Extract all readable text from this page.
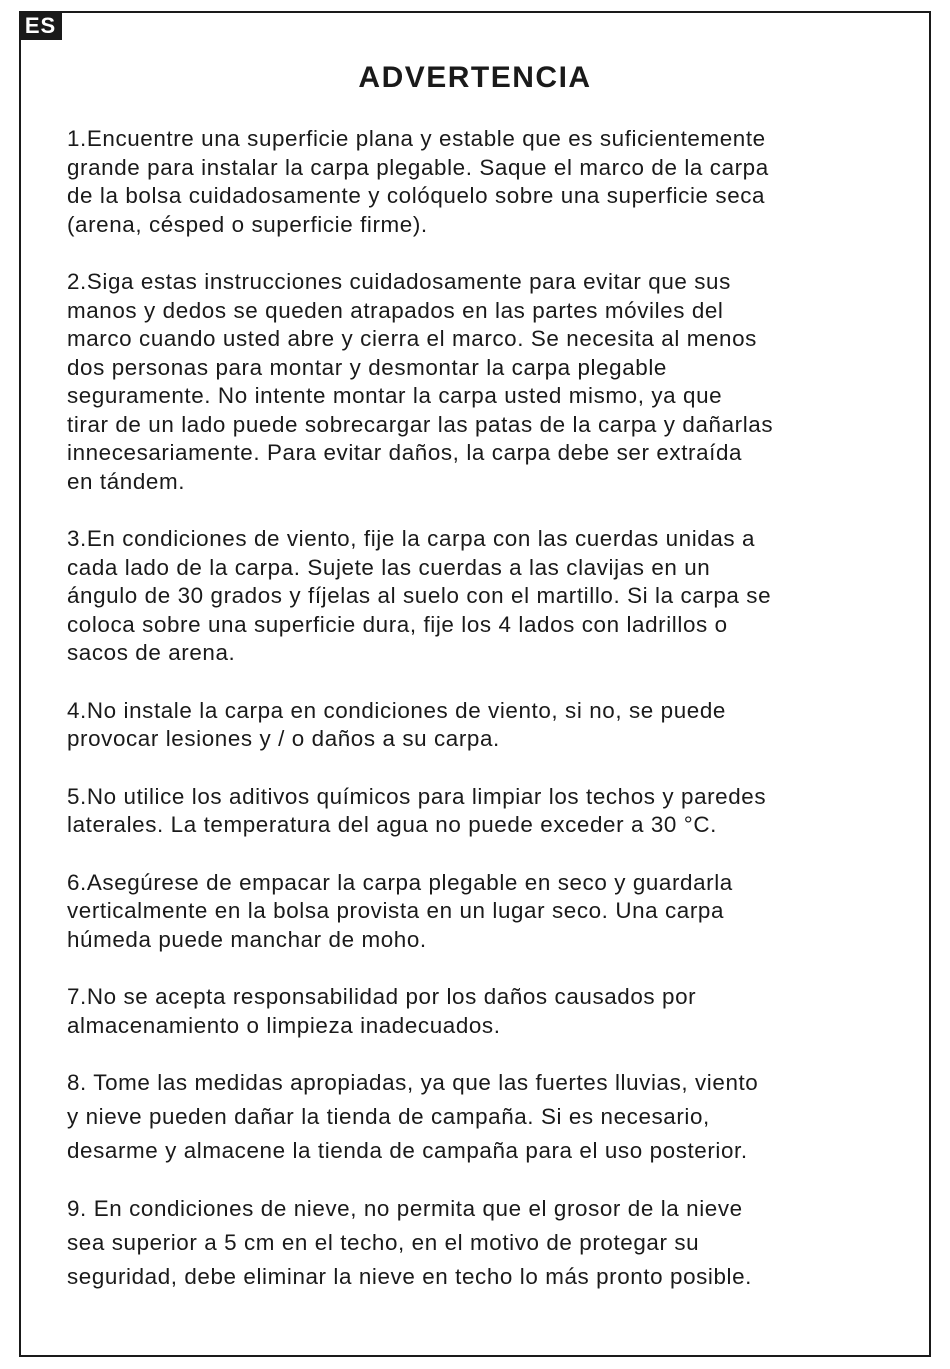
ES
ADVERTENCIA

1.Encuentre una superficie plana y estable que es suficientemente
grande para instalar la carpa plegable. Saque el marco de la carpa
de la bolsa cuidadosamente y colóquelo sobre una superficie seca
(arena, césped o superficie firme).

2.Siga estas instrucciones cuidadosamente para evitar que sus
manos y dedos se queden atrapados en las partes móviles del
marco cuando usted abre y cierra el marco. Se necesita al menos
dos personas para montar y desmontar la carpa plegable
seguramente. No intente montar la carpa usted mismo, ya que
tirar de un lado puede sobrecargar las patas de la carpa y dañarlas
innecesariamente. Para evitar daños, la carpa debe ser extraída
en tándem.

3.En condiciones de viento, fije la carpa con las cuerdas unidas a
cada lado de la carpa. Sujete las cuerdas a las clavijas en un
ángulo de 30 grados y fíjelas al suelo con el martillo. Si la carpa se
coloca sobre una superficie dura, fije los 4 lados con ladrillos o
sacos de arena.

4.No instale la carpa en condiciones de viento, si no, se puede
provocar lesiones y / o daños a su carpa.

5.No utilice los aditivos químicos para limpiar los techos y paredes
laterales. La temperatura del agua no puede exceder a 30 °C.

6.Asegúrese de empacar la carpa plegable en seco y guardarla
verticalmente en la bolsa provista en un lugar seco. Una carpa
húmeda puede manchar de moho.

7.No se acepta responsabilidad por los daños causados por
almacenamiento o limpieza inadecuados.

8. Tome las medidas apropiadas, ya que las fuertes lluvias, viento
y nieve pueden dañar la tienda de campaña. Si es necesario,
desarme y almacene la tienda de campaña para el uso posterior.

9. En condiciones de nieve, no permita que el grosor de la nieve
sea superior a 5 cm en el techo, en el motivo de protegar su
seguridad, debe eliminar la nieve en techo lo más pronto posible.
